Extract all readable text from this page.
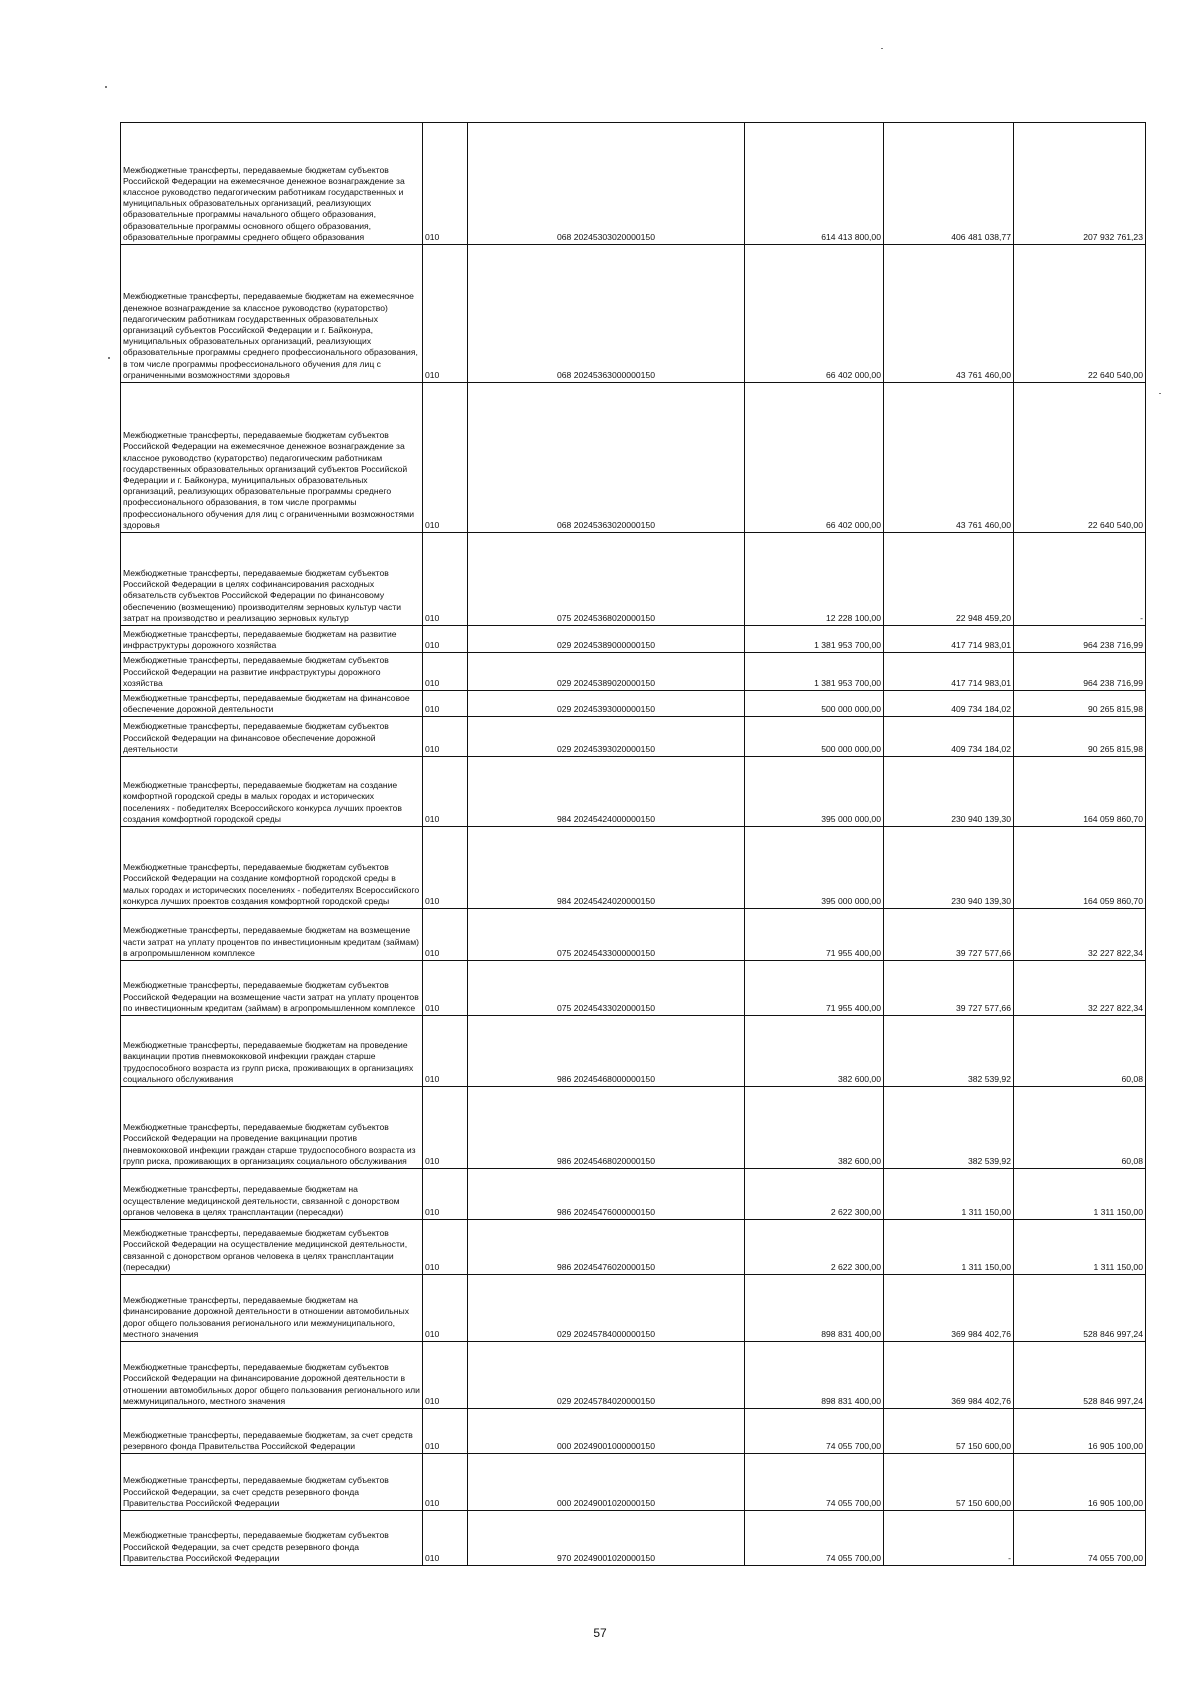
Межбюджетные трансферты, передаваемые бюджетам субъектов Российской Федерации на ежемесячное денежное вознаграждение за классное руководство педагогическим работникам государственных и муниципальных образовательных организаций, реализующих образовательные программы начального общего образования, образовательные программы основного общего образования, образовательные программы среднего общего образования	010	068 20245303020000150	614 413 800,00	406 481 038,77	207 932 761,23
Межбюджетные трансферты, передаваемые бюджетам на ежемесячное денежное вознаграждение за классное руководство (кураторство) педагогическим работникам государственных образовательных организаций субъектов Российской Федерации и г. Байконура, муниципальных образовательных организаций, реализующих образовательные программы среднего профессионального образования, в том числе программы профессионального обучения для лиц с ограниченными возможностями здоровья	010	068 20245363000000150	66 402 000,00	43 761 460,00	22 640 540,00
Межбюджетные трансферты, передаваемые бюджетам субъектов Российской Федерации на ежемесячное денежное вознаграждение за классное руководство (кураторство) педагогическим работникам государственных образовательных организаций субъектов Российской Федерации и г. Байконура, муниципальных образовательных организаций, реализующих образовательные программы среднего профессионального образования, в том числе программы профессионального обучения для лиц с ограниченными возможностями здоровья	010	068 20245363020000150	66 402 000,00	43 761 460,00	22 640 540,00
Межбюджетные трансферты, передаваемые бюджетам субъектов Российской Федерации в целях софинансирования расходных обязательств субъектов Российской Федерации по финансовому обеспечению (возмещению) производителям зерновых культур части затрат на производство и реализацию зерновых культур	010	075 20245368020000150	12 228 100,00	22 948 459,20	-
Межбюджетные трансферты, передаваемые бюджетам на развитие инфраструктуры дорожного хозяйства	010	029 20245389000000150	1 381 953 700,00	417 714 983,01	964 238 716,99
Межбюджетные трансферты, передаваемые бюджетам субъектов Российской Федерации на развитие инфраструктуры дорожного хозяйства	010	029 20245389020000150	1 381 953 700,00	417 714 983,01	964 238 716,99
Межбюджетные трансферты, передаваемые бюджетам на финансовое обеспечение дорожной деятельности	010	029 20245393000000150	500 000 000,00	409 734 184,02	90 265 815,98
Межбюджетные трансферты, передаваемые бюджетам субъектов Российской Федерации на финансовое обеспечение дорожной деятельности	010	029 20245393020000150	500 000 000,00	409 734 184,02	90 265 815,98
Межбюджетные трансферты, передаваемые бюджетам на создание комфортной городской среды в малых городах и исторических поселениях - победителях Всероссийского конкурса лучших проектов создания комфортной городской среды	010	984 20245424000000150	395 000 000,00	230 940 139,30	164 059 860,70
Межбюджетные трансферты, передаваемые бюджетам субъектов Российской Федерации на создание комфортной городской среды в малых городах и исторических поселениях - победителях Всероссийского конкурса лучших проектов создания комфортной городской среды	010	984 20245424020000150	395 000 000,00	230 940 139,30	164 059 860,70
Межбюджетные трансферты, передаваемые бюджетам на возмещение части затрат на уплату процентов по инвестиционным кредитам (займам) в агропромышленном комплексе	010	075 20245433000000150	71 955 400,00	39 727 577,66	32 227 822,34
Межбюджетные трансферты, передаваемые бюджетам субъектов Российской Федерации на возмещение части затрат на уплату процентов по инвестиционным кредитам (займам) в агропромышленном комплексе	010	075 20245433020000150	71 955 400,00	39 727 577,66	32 227 822,34
Межбюджетные трансферты, передаваемые бюджетам на проведение вакцинации против пневмококковой инфекции граждан старше трудоспособного возраста из групп риска, проживающих в организациях социального обслуживания	010	986 20245468000000150	382 600,00	382 539,92	60,08
Межбюджетные трансферты, передаваемые бюджетам субъектов Российской Федерации на проведение вакцинации против пневмококковой инфекции граждан старше трудоспособного возраста из групп риска, проживающих в организациях социального обслуживания	010	986 20245468020000150	382 600,00	382 539,92	60,08
Межбюджетные трансферты, передаваемые бюджетам на осуществление медицинской деятельности, связанной с донорством органов человека в целях трансплантации (пересадки)	010	986 20245476000000150	2 622 300,00	1 311 150,00	1 311 150,00
Межбюджетные трансферты, передаваемые бюджетам субъектов Российской Федерации на осуществление медицинской деятельности, связанной с донорством органов человека в целях трансплантации (пересадки)	010	986 20245476020000150	2 622 300,00	1 311 150,00	1 311 150,00
Межбюджетные трансферты, передаваемые бюджетам на финансирование дорожной деятельности в отношении автомобильных дорог общего пользования регионального или межмуниципального, местного значения	010	029 20245784000000150	898 831 400,00	369 984 402,76	528 846 997,24
Межбюджетные трансферты, передаваемые бюджетам субъектов Российской Федерации на финансирование дорожной деятельности в отношении автомобильных дорог общего пользования регионального или межмуниципального, местного значения	010	029 20245784020000150	898 831 400,00	369 984 402,76	528 846 997,24
Межбюджетные трансферты, передаваемые бюджетам, за счет средств резервного фонда Правительства Российской Федерации	010	000 20249001000000150	74 055 700,00	57 150 600,00	16 905 100,00
Межбюджетные трансферты, передаваемые бюджетам субъектов Российской Федерации, за счет средств резервного фонда Правительства Российской Федерации	010	000 20249001020000150	74 055 700,00	57 150 600,00	16 905 100,00
Межбюджетные трансферты, передаваемые бюджетам субъектов Российской Федерации, за счет средств резервного фонда Правительства Российской Федерации	010	970 20249001020000150	74 055 700,00	-	74 055 700,00
57
